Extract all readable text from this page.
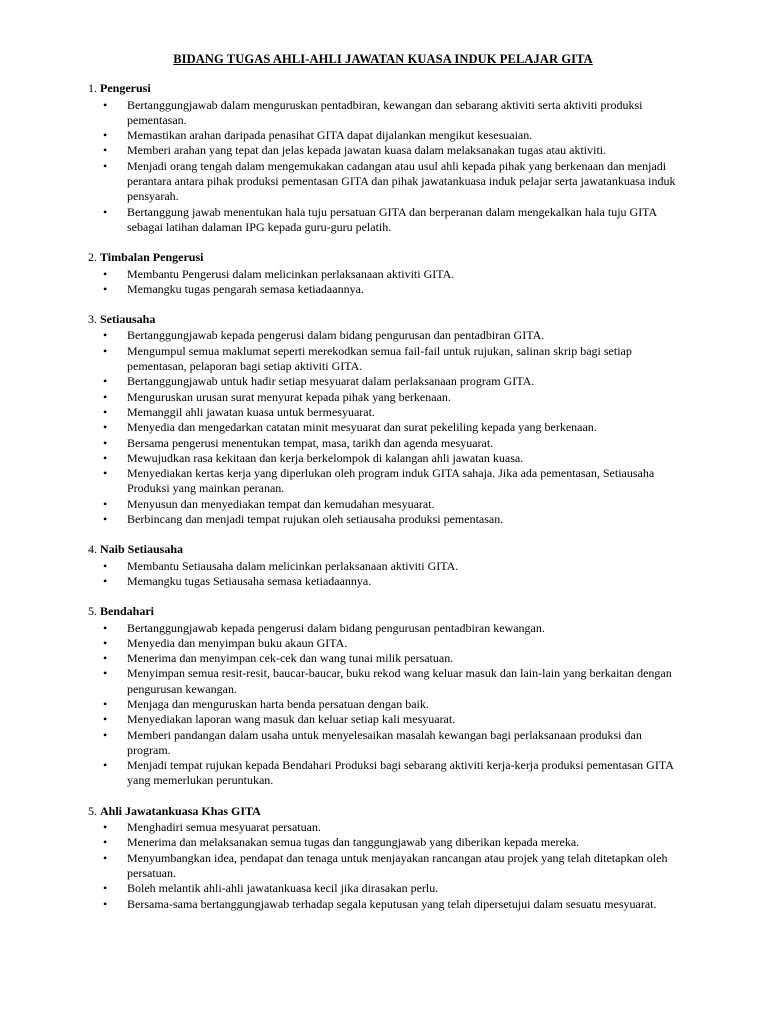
BIDANG TUGAS AHLI-AHLI JAWATAN KUASA INDUK PELAJAR GITA
1. Pengerusi
• Bertanggungjawab dalam menguruskan pentadbiran, kewangan dan sebarang aktiviti serta aktiviti produksi pementasan.
• Memastikan arahan daripada penasihat GITA dapat dijalankan mengikut kesesuaian.
• Memberi arahan yang tepat dan jelas kepada jawatan kuasa dalam melaksanakan tugas atau aktiviti.
• Menjadi orang tengah dalam mengemukakan cadangan atau usul ahli kepada pihak yang berkenaan dan menjadi perantara antara pihak produksi pementasan GITA dan pihak jawatankuasa induk pelajar serta jawatankuasa induk pensyarah.
• Bertanggung jawab menentukan hala tuju persatuan GITA dan berperanan dalam mengekalkan hala tuju GITA sebagai latihan dalaman IPG kepada guru-guru pelatih.
2. Timbalan Pengerusi
• Membantu Pengerusi dalam melicinkan perlaksanaan aktiviti GITA.
• Memangku tugas pengarah semasa ketiadaannya.
3. Setiausaha
• Bertanggungjawab kepada pengerusi dalam bidang pengurusan dan pentadbiran GITA.
• Mengumpul semua maklumat seperti merekodkan semua fail-fail untuk rujukan, salinan skrip bagi setiap pementasan, pelaporan bagi setiap aktiviti GITA.
• Bertanggungjawab untuk hadir setiap mesyuarat dalam perlaksanaan program GITA.
• Menguruskan urusan surat menyurat kepada pihak yang berkenaan.
• Memanggil ahli jawatan kuasa untuk bermesyuarat.
• Menyedia dan mengedarkan catatan minit mesyuarat dan surat pekeliling kepada yang berkenaan.
• Bersama pengerusi menentukan tempat, masa, tarikh dan agenda mesyuarat.
• Mewujudkan rasa kekitaan dan kerja berkelompok di kalangan ahli jawatan kuasa.
• Menyediakan kertas kerja yang diperlukan oleh program induk GITA sahaja. Jika ada pementasan, Setiausaha Produksi yang mainkan peranan.
• Menyusun dan menyediakan tempat dan kemudahan mesyuarat.
• Berbincang dan menjadi tempat rujukan oleh setiausaha produksi pementasan.
4. Naib Setiausaha
• Membantu Setiausaha dalam melicinkan perlaksanaan aktiviti GITA.
• Memangku tugas Setiausaha semasa ketiadaannya.
5. Bendahari
• Bertanggungjawab kepada pengerusi dalam bidang pengurusan pentadbiran kewangan.
• Menyedia dan menyimpan buku akaun GITA.
• Menerima dan menyimpan cek-cek dan wang tunai milik persatuan.
• Menyimpan semua resit-resit, baucar-baucar, buku rekod wang keluar masuk dan lain-lain yang berkaitan dengan pengurusan kewangan.
• Menjaga dan menguruskan harta benda persatuan dengan baik.
• Menyediakan laporan wang masuk dan keluar setiap kali mesyuarat.
• Memberi pandangan dalam usaha untuk menyelesaikan masalah kewangan bagi perlaksanaan produksi dan program.
• Menjadi tempat rujukan kepada Bendahari Produksi bagi sebarang aktiviti kerja-kerja produksi pementasan GITA yang memerlukan peruntukan.
5. Ahli Jawatankuasa Khas GITA
• Menghadiri semua mesyuarat persatuan.
• Menerima dan melaksanakan semua tugas dan tanggungjawab yang diberikan kepada mereka.
• Menyumbangkan idea, pendapat dan tenaga untuk menjayakan rancangan atau projek yang telah ditetapkan oleh persatuan.
• Boleh melantik ahli-ahli jawatankuasa kecil jika dirasakan perlu.
• Bersama-sama bertanggungjawab terhadap segala keputusan yang telah dipersetujui dalam sesuatu mesyuarat.
